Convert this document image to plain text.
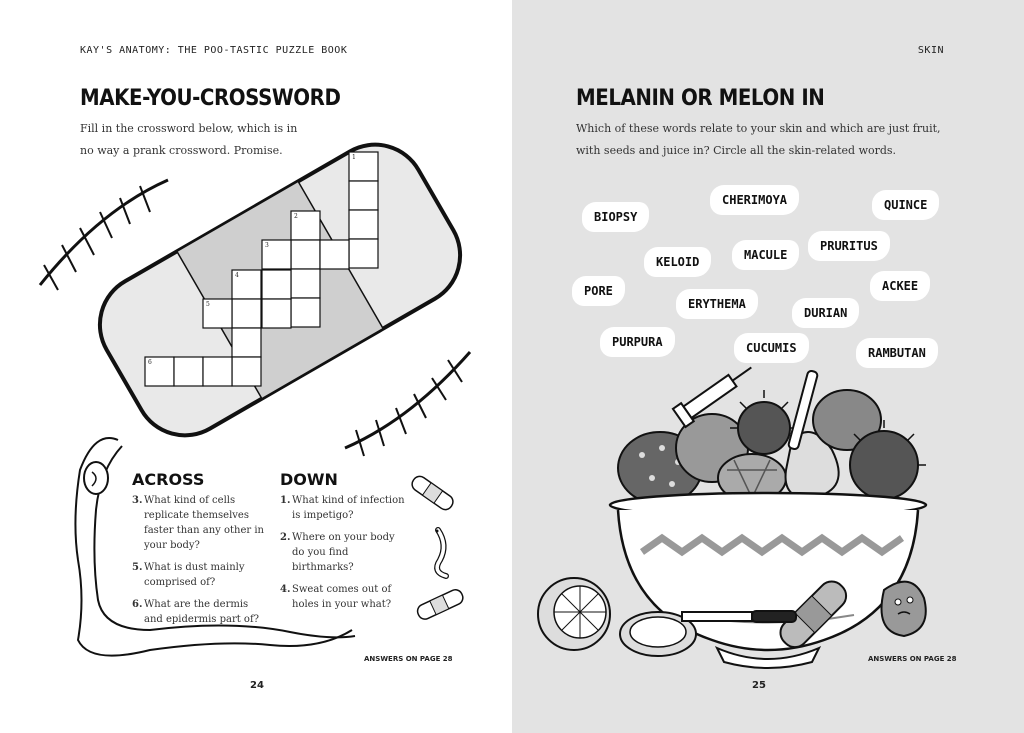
KAY'S ANATOMY: THE POO-TASTIC PUZZLE BOOK
MAKE-YOU-CROSSWORD
Fill in the crossword below, which is in
no way a prank crossword. Promise.
1
2
3
4
5
6
ACROSS
3. What kind of cells replicate themselves faster than any other in your body?
5. What is dust mainly comprised of?
6. What are the dermis and epidermis part of?
DOWN
1. What kind of infection is impetigo?
2. Where on your body do you find birthmarks?
4. Sweat comes out of holes in your what?
ANSWERS ON PAGE 28
24
SKIN
MELANIN OR MELON IN
Which of these words relate to your skin and which are just fruit,
with seeds and juice in? Circle all the skin-related words.
BIOPSY
CHERIMOYA	QUINCE
KELOID	MACULE
PRURITUS
PORE
ERYTHEMA
DURIAN
ACKEE
PURPURA	CUCUMIS	RAMBUTAN
ANSWERS ON PAGE 28
25
